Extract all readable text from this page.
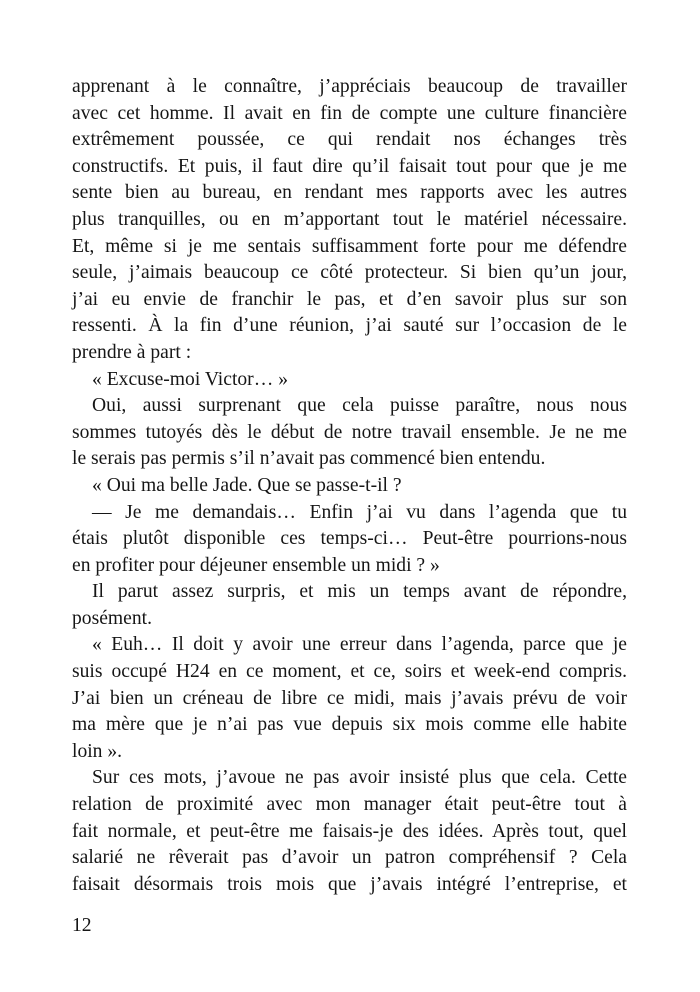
apprenant à le connaître, j’appréciais beaucoup de travailler
avec cet homme. Il avait en fin de compte une culture financière
extrêmement poussée, ce qui rendait nos échanges très
constructifs. Et puis, il faut dire qu’il faisait tout pour que je me
sente bien au bureau, en rendant mes rapports avec les autres
plus tranquilles, ou en m’apportant tout le matériel nécessaire.
Et, même si je me sentais suffisamment forte pour me défendre
seule, j’aimais beaucoup ce côté protecteur. Si bien qu’un jour,
j’ai eu envie de franchir le pas, et d’en savoir plus sur son
ressenti. À la fin d’une réunion, j’ai sauté sur l’occasion de le
prendre à part :
« Excuse-moi Victor… »
Oui, aussi surprenant que cela puisse paraître, nous nous
sommes tutoyés dès le début de notre travail ensemble. Je ne me
le serais pas permis s’il n’avait pas commencé bien entendu.
« Oui ma belle Jade. Que se passe-t-il ?
— Je me demandais… Enfin j’ai vu dans l’agenda que tu
étais plutôt disponible ces temps-ci… Peut-être pourrions-nous
en profiter pour déjeuner ensemble un midi ? »
Il parut assez surpris, et mis un temps avant de répondre,
posément.
« Euh… Il doit y avoir une erreur dans l’agenda, parce que je
suis occupé H24 en ce moment, et ce, soirs et week-end compris.
J’ai bien un créneau de libre ce midi, mais j’avais prévu de voir
ma mère que je n’ai pas vue depuis six mois comme elle habite
loin ».
Sur ces mots, j’avoue ne pas avoir insisté plus que cela. Cette
relation de proximité avec mon manager était peut-être tout à
fait normale, et peut-être me faisais-je des idées. Après tout, quel
salarié ne rêverait pas d’avoir un patron compréhensif ? Cela
faisait désormais trois mois que j’avais intégré l’entreprise, et
12
